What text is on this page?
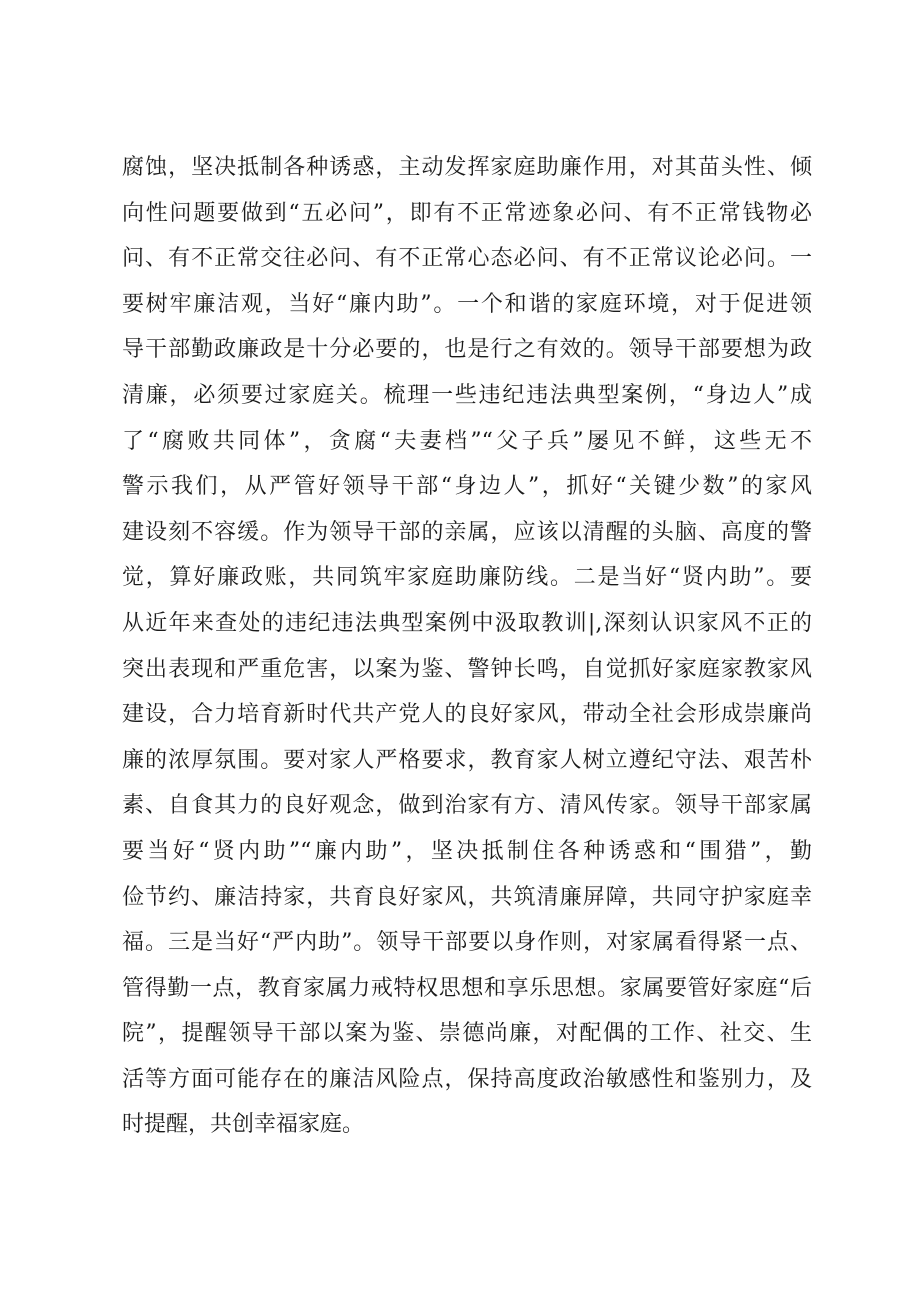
腐蚀，坚决抵制各种诱惑，主动发挥家庭助廉作用，对其苗头性、倾
向性问题要做到“五必问”，即有不正常迹象必问、有不正常钱物必
问、有不正常交往必问、有不正常心态必问、有不正常议论必问。一
要树牢廉洁观，当好“廉内助”。一个和谐的家庭环境，对于促进领
导干部勤政廉政是十分必要的，也是行之有效的。领导干部要想为政
清廉，必须要过家庭关。梳理一些违纪违法典型案例，“身边人”成
了“腐败共同体”，贪腐“夫妻档”“父子兵”屡见不鲜，这些无不
警示我们，从严管好领导干部“身边人”，抓好“关键少数”的家风
建设刻不容缓。作为领导干部的亲属，应该以清醒的头脑、高度的警
觉，算好廉政账，共同筑牢家庭助廉防线。二是当好“贤内助”。要
从近年来查处的违纪违法典型案例中汲取教训|,深刻认识家风不正的
突出表现和严重危害，以案为鉴、警钟长鸣，自觉抓好家庭家教家风
建设，合力培育新时代共产党人的良好家风，带动全社会形成崇廉尚
廉的浓厚氛围。要对家人严格要求，教育家人树立遵纪守法、艰苦朴
素、自食其力的良好观念，做到治家有方、清风传家。领导干部家属
要当好“贤内助”“廉内助”，坚决抵制住各种诱惑和“围猎”，勤
俭节约、廉洁持家，共育良好家风，共筑清廉屏障，共同守护家庭幸
福。三是当好“严内助”。领导干部要以身作则，对家属看得紧一点、
管得勤一点，教育家属力戒特权思想和享乐思想。家属要管好家庭“后
院”，提醒领导干部以案为鉴、崇德尚廉，对配偶的工作、社交、生
活等方面可能存在的廉洁风险点，保持高度政治敏感性和鉴别力，及
时提醒，共创幸福家庭。
